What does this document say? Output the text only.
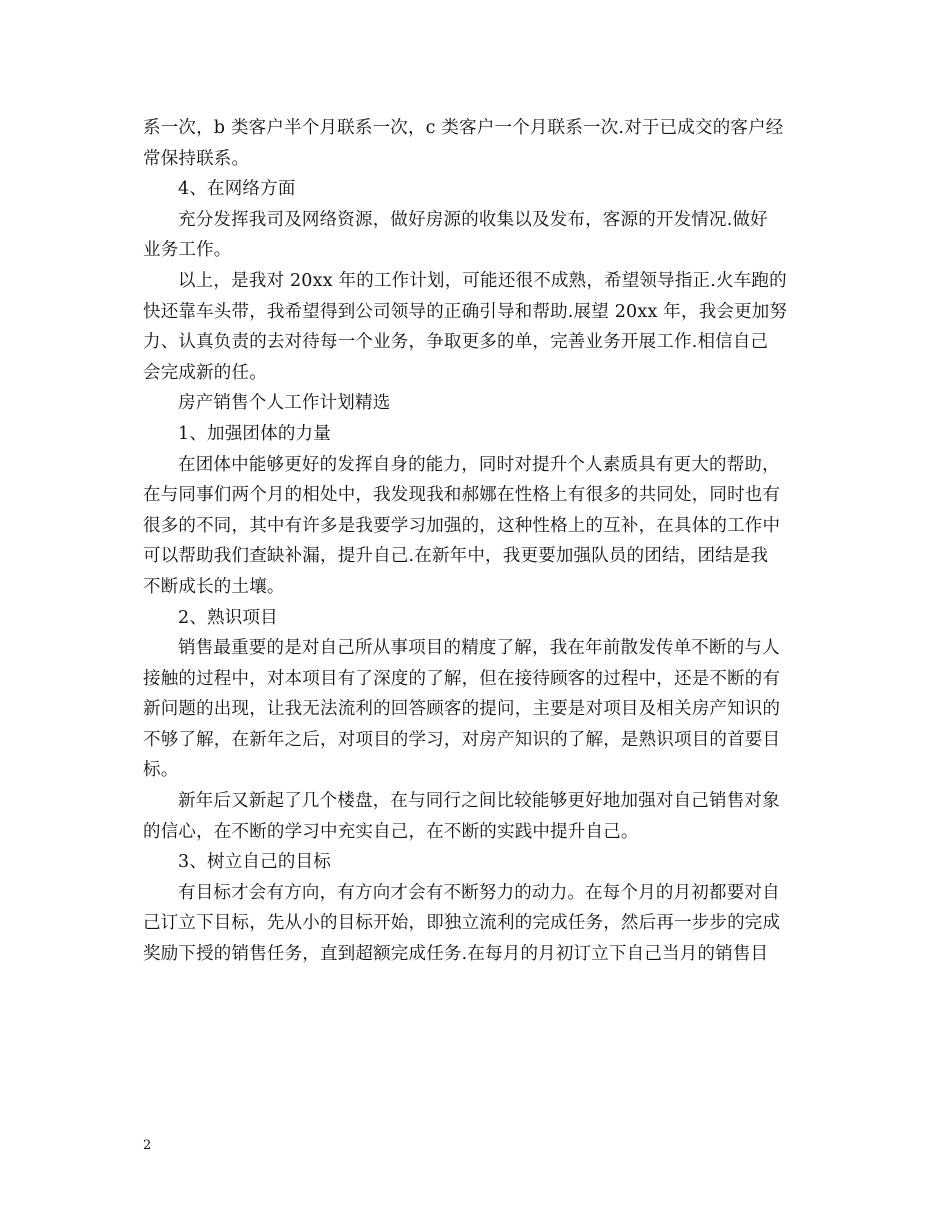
系一次，b 类客户半个月联系一次，c 类客户一个月联系一次.对于已成交的客户经
常保持联系。
4、在网络方面
充分发挥我司及网络资源，做好房源的收集以及发布，客源的开发情况.做好
业务工作。
以上，是我对 20xx 年的工作计划，可能还很不成熟，希望领导指正.火车跑的
快还靠车头带，我希望得到公司领导的正确引导和帮助.展望 20xx 年，我会更加努
力、认真负责的去对待每一个业务，争取更多的单，完善业务开展工作.相信自己
会完成新的任。
房产销售个人工作计划精选
1、加强团体的力量
在团体中能够更好的发挥自身的能力，同时对提升个人素质具有更大的帮助，
在与同事们两个月的相处中，我发现我和郝娜在性格上有很多的共同处，同时也有
很多的不同，其中有许多是我要学习加强的，这种性格上的互补，在具体的工作中
可以帮助我们查缺补漏，提升自己.在新年中，我更要加强队员的团结，团结是我
不断成长的土壤。
2、熟识项目
销售最重要的是对自己所从事项目的精度了解，我在年前散发传单不断的与人
接触的过程中，对本项目有了深度的了解，但在接待顾客的过程中，还是不断的有
新问题的出现，让我无法流利的回答顾客的提问，主要是对项目及相关房产知识的
不够了解，在新年之后，对项目的学习，对房产知识的了解，是熟识项目的首要目
标。
新年后又新起了几个楼盘，在与同行之间比较能够更好地加强对自己销售对象
的信心，在不断的学习中充实自己，在不断的实践中提升自己。
3、树立自己的目标
有目标才会有方向，有方向才会有不断努力的动力。在每个月的月初都要对自
己订立下目标，先从小的目标开始，即独立流利的完成任务，然后再一步步的完成
奖励下授的销售任务，直到超额完成任务.在每月的月初订立下自己当月的销售目
2
